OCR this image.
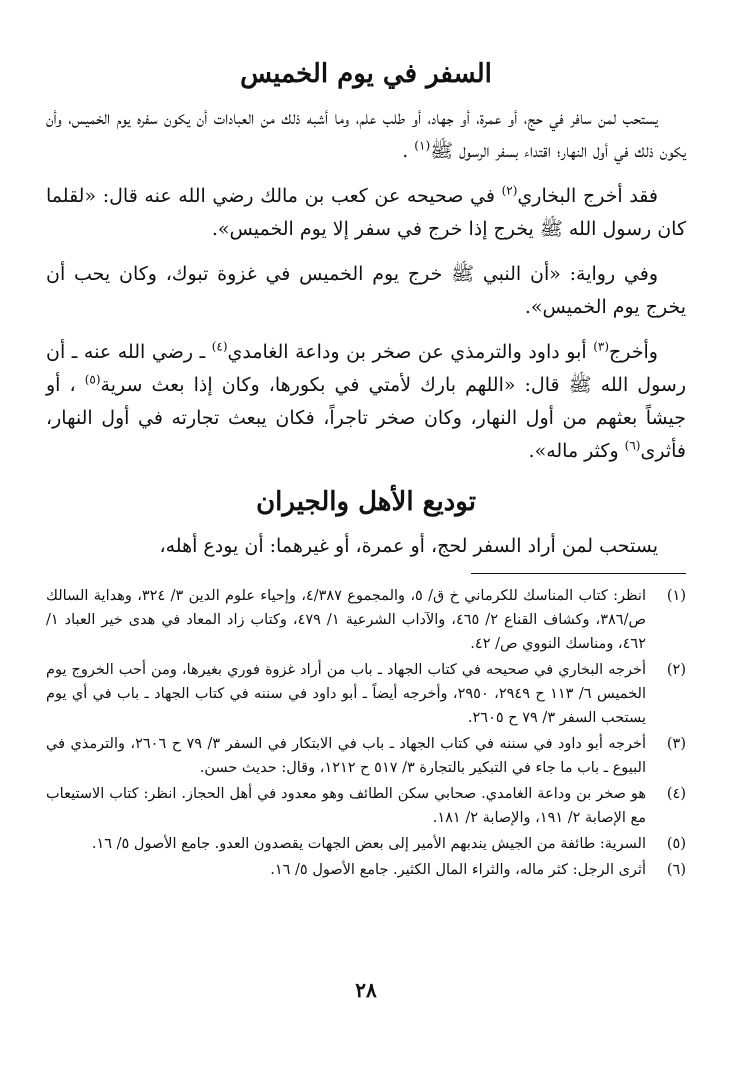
السفر في يوم الخميس

يستحب لمن سافر في حج، أو عمرة، أو جهاد، أو طلب علم، وما أشبه ذلك من العبادات أن يكون سفره يوم الخميس، وأن يكون ذلك في أول النهار؛ اقتداء بسفر الرسول ﷺ$^{(١)}$ .

فقد أخرج البخاري$^{(٢)}$ في صحيحه عن كعب بن مالك رضي الله عنه قال: «لقلما كان رسول الله ﷺ يخرج إذا خرج في سفر إلا يوم الخميس».

وفي رواية: «أن النبي ﷺ خرج يوم الخميس في غزوة تبوك، وكان يحب أن يخرج يوم الخميس».

وأخرج$^{(٣)}$ أبو داود والترمذي عن صخر بن وداعة الغامدي$^{(٤)}$ ـ رضي الله عنه ـ أن رسول الله ﷺ قال: «اللهم بارك لأمتي في بكورها، وكان إذا بعث سرية$^{(٥)}$ ، أو جيشاً بعثهم من أول النهار، وكان صخر تاجراً، فكان يبعث تجارته في أول النهار، فأثرى$^{(٦)}$ وكثر ماله».

توديع الأهل والجيران

يستحب لمن أراد السفر لحج، أو عمرة، أو غيرهما: أن يودع أهله،

(١)
انظر: كتاب المناسك للكرماني خ ق/ ٥، والمجموع ٤/٣٨٧، وإحياء علوم الدين ٣/ ٣٢٤، وهداية السالك ص/٣٨٦، وكشاف القناع ٢/ ٤٦٥، والآداب الشرعية ١/ ٤٧٩، وكتاب زاد المعاد في هدى خير العباد ١/ ٤٦٢، ومناسك النووي ص/ ٤٢.
(٢)
أخرجه البخاري في صحيحه في كتاب الجهاد ـ باب من أراد غزوة فوري بغيرها، ومن أحب الخروج يوم الخميس ٦/ ١١٣ ح ٢٩٤٩، ٢٩٥٠، وأخرجه أيضاً ـ أبو داود في سننه في كتاب الجهاد ـ باب في أي يوم يستحب السفر ٣/ ٧٩ ح ٢٦٠٥.
(٣)
أخرجه أبو داود في سننه في كتاب الجهاد ـ باب في الابتكار في السفر ٣/ ٧٩ ح ٢٦٠٦، والترمذي في البيوع ـ باب ما جاء في التبكير بالتجارة ٣/ ٥١٧ ح ١٢١٢، وقال: حديث حسن.
(٤)
هو صخر بن وداعة الغامدي. صحابي سكن الطائف وهو معدود في أهل الحجاز. انظر: كتاب الاستيعاب مع الإصابة ٢/ ١٩١، والإصابة ٢/ ١٨١.
(٥)
السرية: طائفة من الجيش يندبهم الأمير إلى بعض الجهات يقصدون العدو. جامع الأصول ٥/ ١٦.
(٦)
أثرى الرجل: كثر ماله، والثراء المال الكثير. جامع الأصول ٥/ ١٦.
٢٨
